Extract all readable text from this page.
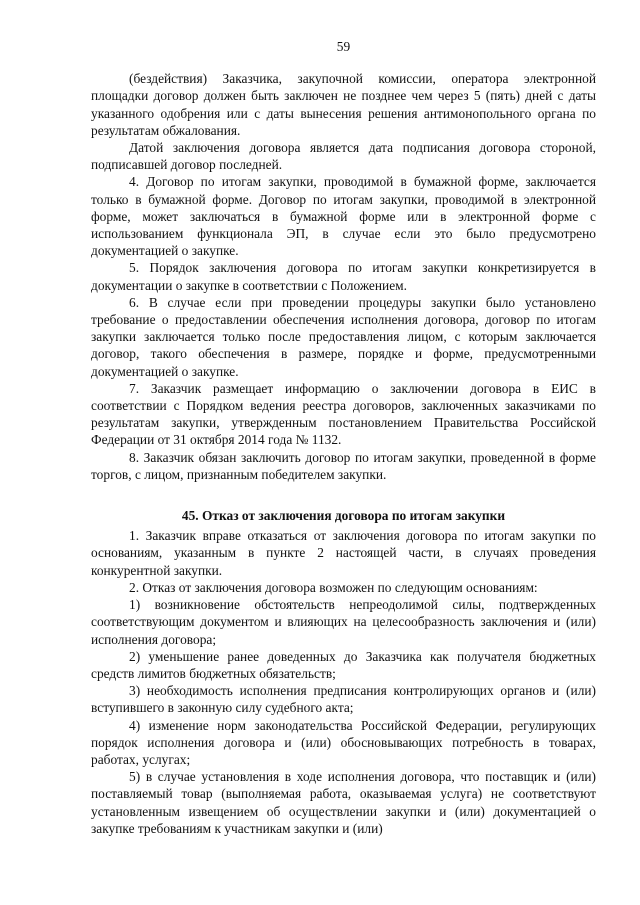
59

(бездействия) Заказчика, закупочной комиссии, оператора электронной площадки договор должен быть заключен не позднее чем через 5 (пять) дней с даты указанного одобрения или с даты вынесения решения антимонопольного органа по результатам обжалования.

Датой заключения договора является дата подписания договора стороной, подписавшей договор последней.

4. Договор по итогам закупки, проводимой в бумажной форме, заключается только в бумажной форме. Договор по итогам закупки, проводимой в электронной форме, может заключаться в бумажной форме или в электронной форме с использованием функционала ЭП, в случае если это было предусмотрено документацией о закупке.

5. Порядок заключения договора по итогам закупки конкретизируется в документации о закупке в соответствии с Положением.

6. В случае если при проведении процедуры закупки было установлено требование о предоставлении обеспечения исполнения договора, договор по итогам закупки заключается только после предоставления лицом, с которым заключается договор, такого обеспечения в размере, порядке и форме, предусмотренными документацией о закупке.

7. Заказчик размещает информацию о заключении договора в ЕИС в соответствии с Порядком ведения реестра договоров, заключенных заказчиками по результатам закупки, утвержденным постановлением Правительства Российской Федерации от 31 октября 2014 года № 1132.

8. Заказчик обязан заключить договор по итогам закупки, проведенной в форме торгов, с лицом, признанным победителем закупки.

45. Отказ от заключения договора по итогам закупки

1. Заказчик вправе отказаться от заключения договора по итогам закупки по основаниям, указанным в пункте 2 настоящей части, в случаях проведения конкурентной закупки.

2. Отказ от заключения договора возможен по следующим основаниям:

1) возникновение обстоятельств непреодолимой силы, подтвержденных соответствующим документом и влияющих на целесообразность заключения и (или) исполнения договора;

2) уменьшение ранее доведенных до Заказчика как получателя бюджетных средств лимитов бюджетных обязательств;

3) необходимость исполнения предписания контролирующих органов и (или) вступившего в законную силу судебного акта;

4) изменение норм законодательства Российской Федерации, регулирующих порядок исполнения договора и (или) обосновывающих потребность в товарах, работах, услугах;

5) в случае установления в ходе исполнения договора, что поставщик и (или) поставляемый товар (выполняемая работа, оказываемая услуга) не соответствуют установленным извещением об осуществлении закупки и (или) документацией о закупке требованиям к участникам закупки и (или)
